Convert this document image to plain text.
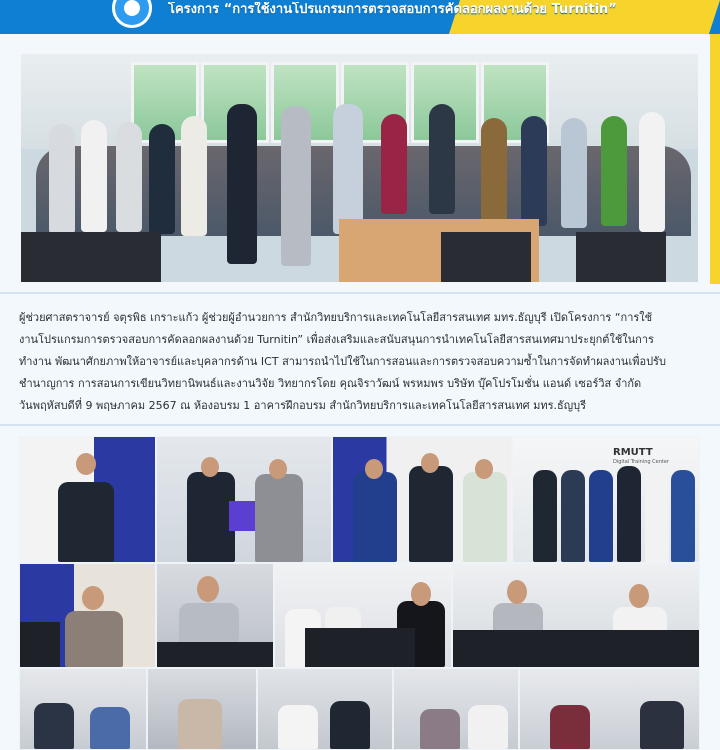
โครงการ “การใช้งานโปรแกรมการตรวจสอบการคัดลอกผลงานด้วย Turnitin”
ผู้ช่วยศาสตราจารย์ จตุรพิธ เกราะแก้ว ผู้ช่วยผู้อำนวยการ สำนักวิทยบริการและเทคโนโลยีสารสนเทศ มทร.ธัญบุรี เปิดโครงการ “การใช้
งานโปรแกรมการตรวจสอบการคัดลอกผลงานด้วย Turnitin” เพื่อส่งเสริมและสนับสนุนการนำเทคโนโลยีสารสนเทศมาประยุกต์ใช้ในการ
ทำงาน พัฒนาศักยภาพให้อาจารย์และบุคลากรด้าน ICT สามารถนำไปใช้ในการสอนและการตรวจสอบความซ้ำในการจัดทำผลงานเพื่อปรับ
ชำนาญการ การสอนการเขียนวิทยานิพนธ์และงานวิจัย วิทยากรโดย คุณจิราวัฒน์ พรหมพร บริษัท บุ๊คโปรโมชั่น แอนด์ เซอร์วิส จำกัด
วันพฤหัสบดีที่ 9 พฤษภาคม 2567 ณ ห้องอบรม 1 อาคารฝึกอบรม สำนักวิทยบริการและเทคโนโลยีสารสนเทศ มทร.ธัญบุรี
RMUTT
Digital Training Center
